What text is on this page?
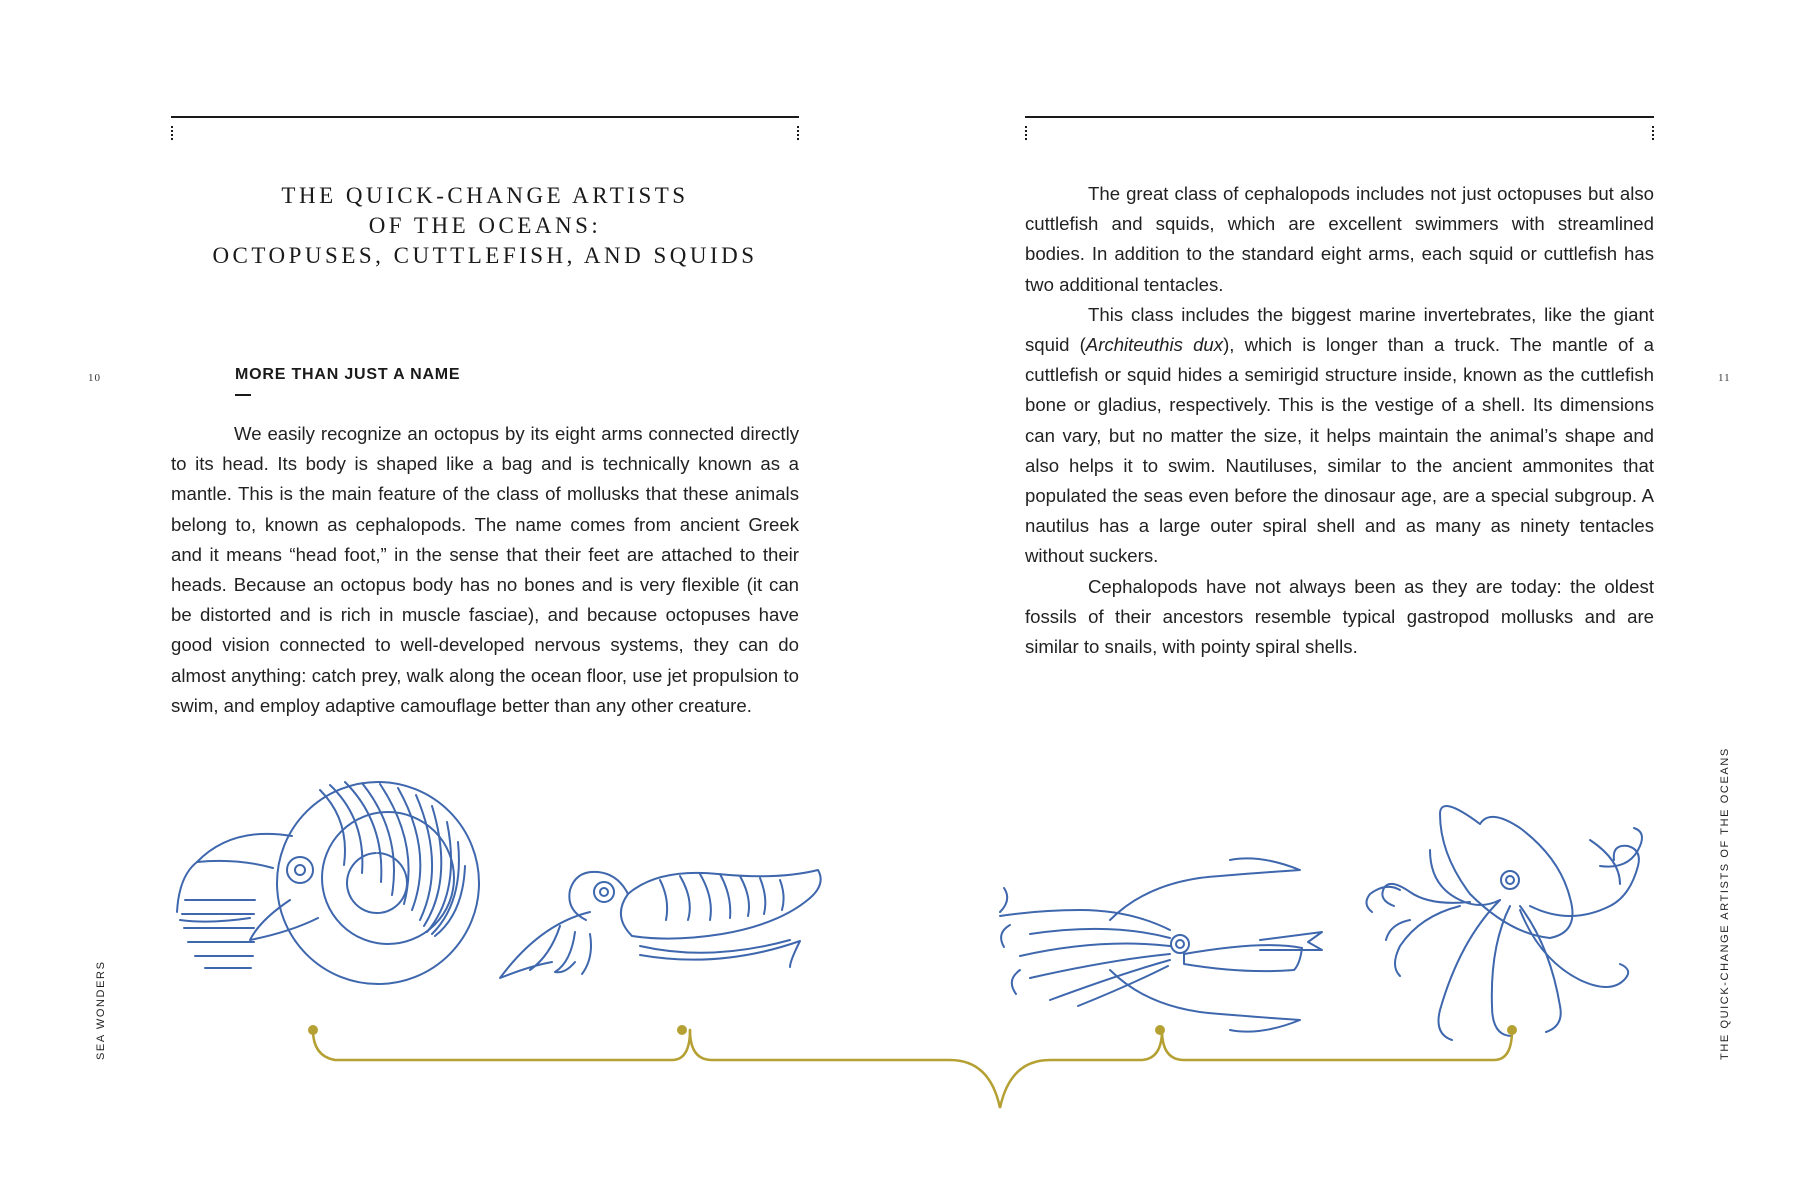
THE QUICK-CHANGE ARTISTS
OF THE OCEANS:
OCTOPUSES, CUTTLEFISH, AND SQUIDS
10	MORE THAN JUST A NAME

We easily recognize an octopus by its eight arms connected directly to its head. Its body is shaped like a bag and is technically known as a mantle. This is the main feature of the class of mollusks that these animals belong to, known as cephalopods. The name comes from ancient Greek and it means “head foot,” in the sense that their feet are attached to their heads. Because an octopus body has no bones and is very flexible (it can be distorted and is rich in muscle fasciae), and because octopuses have good vision connected to well-developed nervous systems, they can do almost anything: catch prey, walk along the ocean floor, use jet propulsion to swim, and employ adaptive camouflage better than any other creature.

SEA WONDERS
11

The great class of cephalopods includes not just octopuses but also cuttlefish and squids, which are excellent swimmers with streamlined bodies. In addition to the standard eight arms, each squid or cuttlefish has two additional tentacles.

This class includes the biggest marine invertebrates, like the giant squid (Architeuthis dux), which is longer than a truck. The mantle of a cuttlefish or squid hides a semirigid structure inside, known as the cuttlefish bone or gladius, respectively. This is the vestige of a shell. Its dimensions can vary, but no matter the size, it helps maintain the animal’s shape and also helps it to swim. Nautiluses, similar to the ancient ammonites that populated the seas even before the dinosaur age, are a special subgroup. A nautilus has a large outer spiral shell and as many as ninety tentacles without suckers.

Cephalopods have not always been as they are today: the oldest fossils of their ancestors resemble typical gastropod mollusks and are similar to snails, with pointy spiral shells.

THE QUICK-CHANGE ARTISTS OF THE OCEANS
